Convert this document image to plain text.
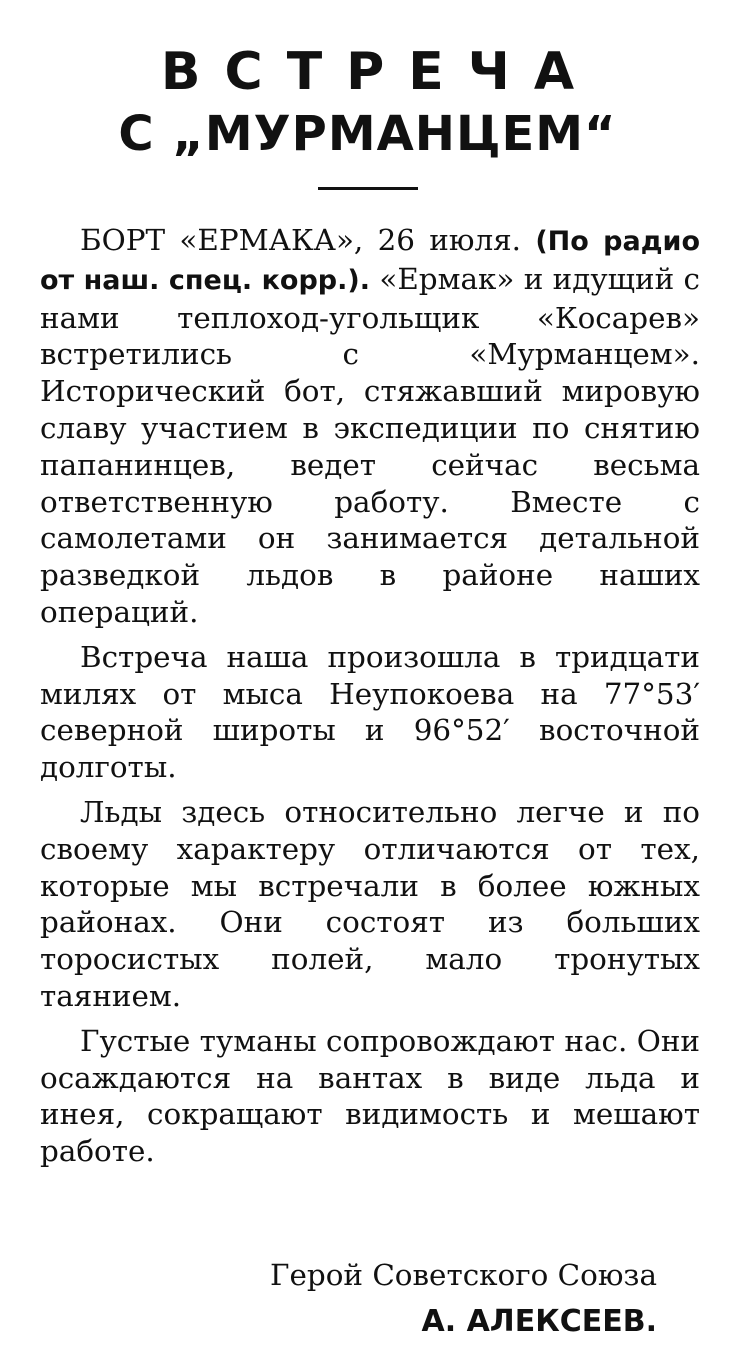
ВСТРЕЧА
С „МУРМАНЦЕМ“

БОРТ «ЕРМАКА», 26 июля. (По радио от наш. спец. корр.). «Ермак» и идущий с нами теплоход-угольщик «Косарев» встретились с «Мурманцем». Исторический бот, стяжавший мировую славу участием в экспедиции по снятию папанинцев, ведет сейчас весьма ответственную работу. Вместе с самолетами он занимается детальной разведкой льдов в районе наших операций.

Встреча наша произошла в тридцати милях от мыса Неупокоева на 77°53′ северной широты и 96°52′ восточной долготы.

Льды здесь относительно легче и по своему характеру отличаются от тех, которые мы встречали в более южных районах. Они состоят из больших торосистых полей, мало тронутых таянием.

Густые туманы сопровождают нас. Они осаждаются на вантах в виде льда и инея, сокращают видимость и мешают работе.

Герой Советского Союза
А. АЛЕКСЕЕВ.
